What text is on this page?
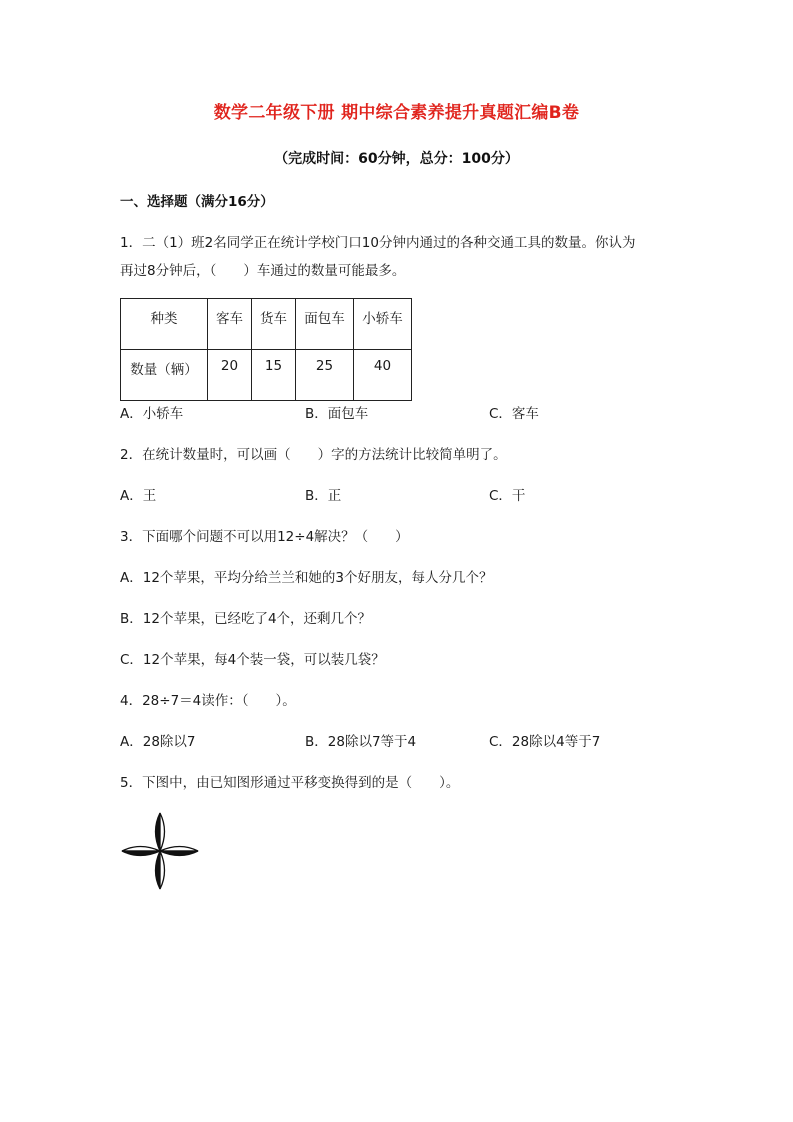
数学二年级下册 期中综合素养提升真题汇编B卷
（完成时间：60分钟，总分：100分）
一、选择题（满分16分）
1．二（1）班2名同学正在统计学校门口10分钟内通过的各种交通工具的数量。你认为
再过8分钟后，（　　）车通过的数量可能最多。
种类	客车	货车	面包车	小轿车
数量（辆）	20	15	25	40
A．小轿车	B．面包车	C．客车
2．在统计数量时，可以画（　　）字的方法统计比较简单明了。
A．王	B．正	C．干
3．下面哪个问题不可以用12÷4解决？（　　）
A．12个苹果，平均分给兰兰和她的3个好朋友，每人分几个？
B．12个苹果，已经吃了4个，还剩几个？
C．12个苹果，每4个装一袋，可以装几袋？
4．28÷7＝4读作：（　　）。
A．28除以7	B．28除以7等于4	C．28除以4等于7
5．下图中，由已知图形通过平移变换得到的是（　　）。
